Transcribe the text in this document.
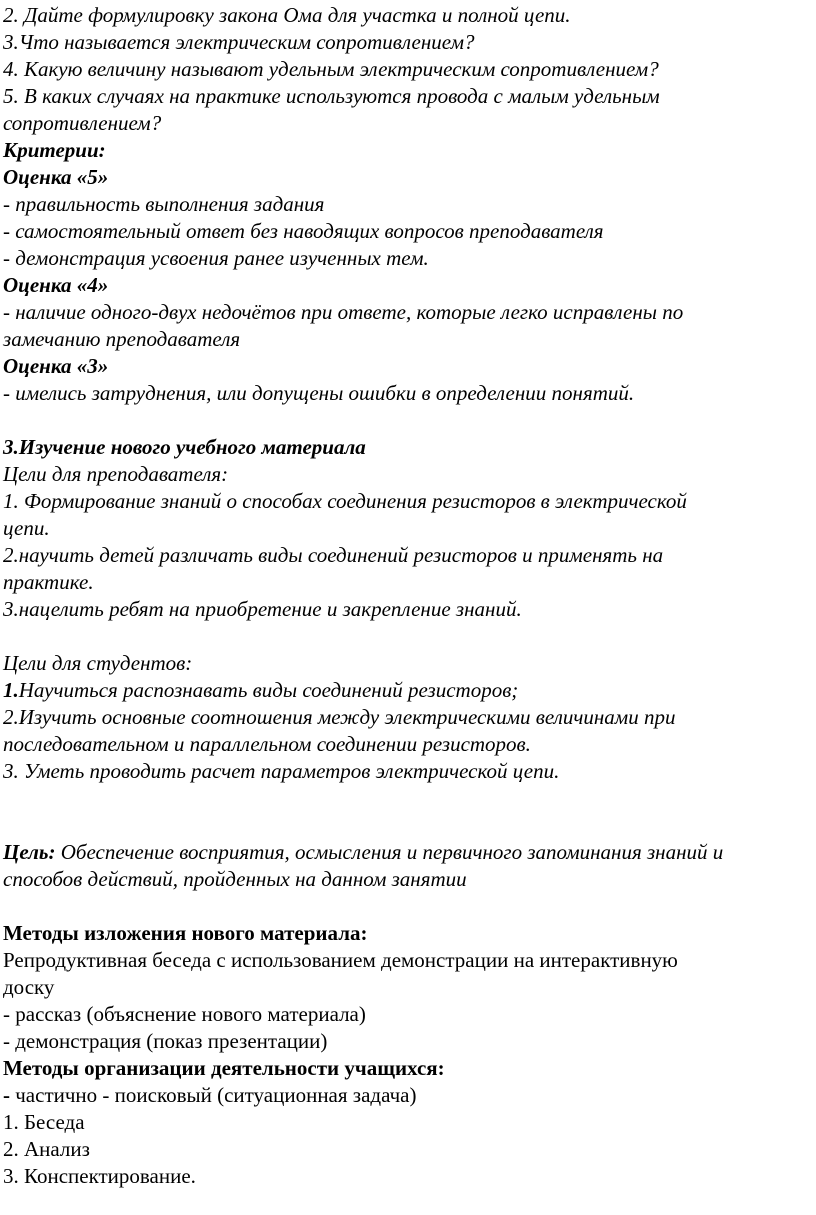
2. Дайте формулировку закона Ома для участка и полной цепи.
3.Что называется электрическим сопротивлением?
4. Какую величину называют удельным электрическим сопротивлением?
5. В каких случаях на практике используются провода с малым удельным
сопротивлением?
Критерии:
Оценка «5»
- правильность выполнения задания
- самостоятельный ответ без наводящих вопросов преподавателя
- демонстрация усвоения ранее изученных тем.
Оценка «4»
- наличие одного-двух недочётов при ответе, которые легко исправлены по
замечанию преподавателя
Оценка «3»
- имелись затруднения, или допущены ошибки в определении понятий.
3.Изучение нового учебного материала
Цели для преподавателя:
1. Формирование знаний о способах соединения резисторов в электрической
цепи.
2.научить детей различать виды соединений резисторов и применять на
практике.
3.нацелить ребят на приобретение и закрепление знаний.
Цели для студентов:
1.Научиться распознавать виды соединений резисторов;
2.Изучить основные соотношения между электрическими величинами при
последовательном и параллельном соединении резисторов.
3. Уметь проводить расчет параметров электрической цепи.
Цель: Обеспечение восприятия, осмысления и первичного запоминания знаний и
способов действий, пройденных на данном занятии
Методы изложения нового материала:
Репродуктивная беседа с использованием демонстрации на интерактивную
доску
- рассказ (объяснение нового материала)
- демонстрация (показ презентации)
Методы организации деятельности учащихся:
- частично - поисковый (ситуационная задача)
1. Беседа
2. Анализ
3. Конспектирование.
